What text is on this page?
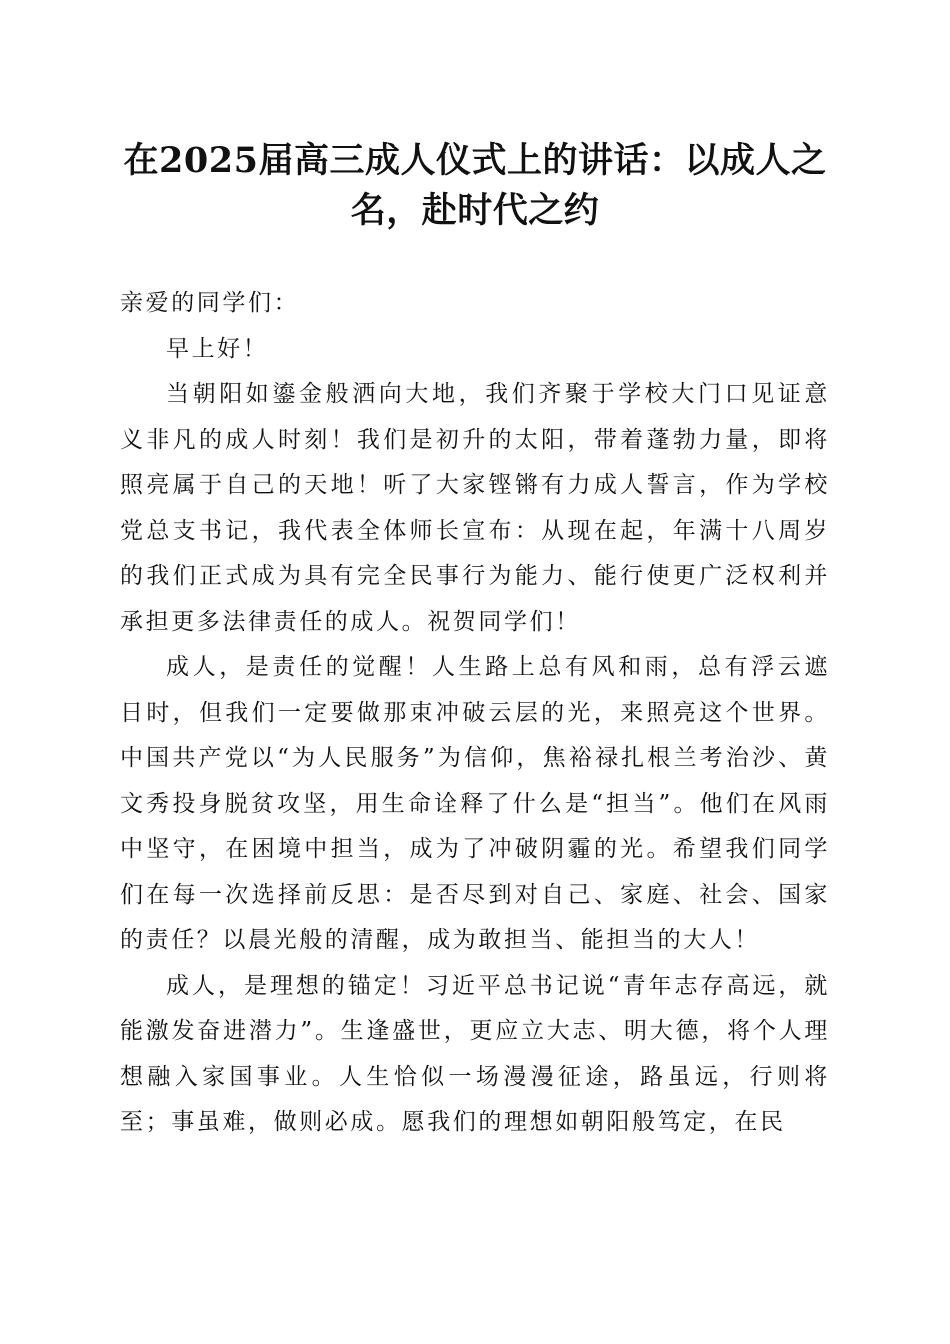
在2025届高三成人仪式上的讲话：以成人之名，赴时代之约

亲爱的同学们：

早上好！

当朝阳如鎏金般洒向大地，我们齐聚于学校大门口见证意义非凡的成人时刻！我们是初升的太阳，带着蓬勃力量，即将照亮属于自己的天地！听了大家铿锵有力成人誓言，作为学校党总支书记，我代表全体师长宣布：从现在起，年满十八周岁的我们正式成为具有完全民事行为能力、能行使更广泛权利并承担更多法律责任的成人。祝贺同学们！

成人，是责任的觉醒！人生路上总有风和雨，总有浮云遮日时，但我们一定要做那束冲破云层的光，来照亮这个世界。中国共产党以“为人民服务”为信仰，焦裕禄扎根兰考治沙、黄文秀投身脱贫攻坚，用生命诠释了什么是“担当”。他们在风雨中坚守，在困境中担当，成为了冲破阴霾的光。希望我们同学们在每一次选择前反思：是否尽到对自己、家庭、社会、国家的责任？以晨光般的清醒，成为敢担当、能担当的大人！

成人，是理想的锚定！习近平总书记说“青年志存高远，就能激发奋进潜力”。生逢盛世，更应立大志、明大德，将个人理想融入家国事业。人生恰似一场漫漫征途，路虽远，行则将至；事虽难，做则必成。愿我们的理想如朝阳般笃定，在民
